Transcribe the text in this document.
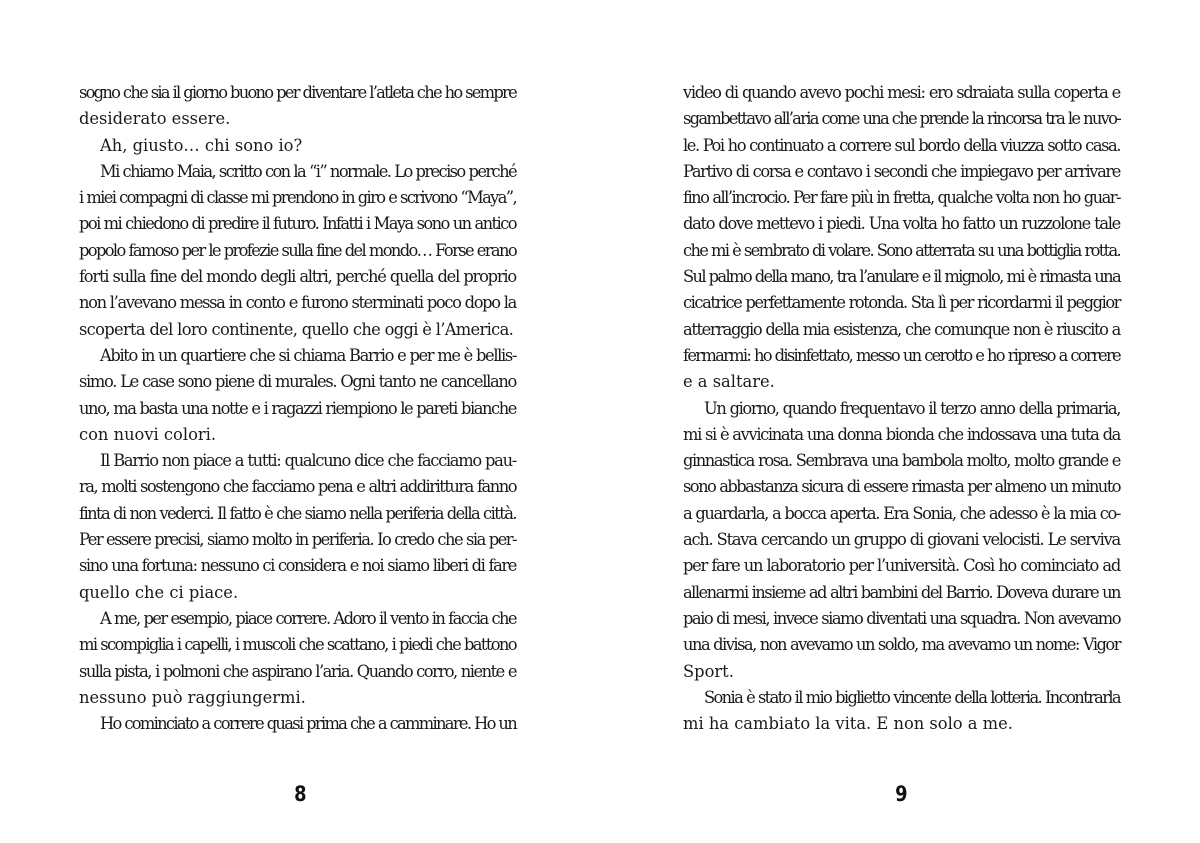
sogno che sia il giorno buono per diventare l’atleta che ho sempre
desiderato essere.
Ah, giusto… chi sono io?
Mi chiamo Maia, scritto con la “i” normale. Lo preciso perché
i miei compagni di classe mi prendono in giro e scrivono “Maya”,
poi mi chiedono di predire il futuro. Infatti i Maya sono un antico
popolo famoso per le profezie sulla fine del mondo… Forse erano
forti sulla fine del mondo degli altri, perché quella del proprio
non l’avevano messa in conto e furono sterminati poco dopo la
scoperta del loro continente, quello che oggi è l’America.
Abito in un quartiere che si chiama Barrio e per me è bellis-
simo. Le case sono piene di murales. Ogni tanto ne cancellano
uno, ma basta una notte e i ragazzi riempiono le pareti bianche
con nuovi colori.
Il Barrio non piace a tutti: qualcuno dice che facciamo pau-
ra, molti sostengono che facciamo pena e altri addirittura fanno
finta di non vederci. Il fatto è che siamo nella periferia della città.
Per essere precisi, siamo molto in periferia. Io credo che sia per-
sino una fortuna: nessuno ci considera e noi siamo liberi di fare
quello che ci piace.
A me, per esempio, piace correre. Adoro il vento in faccia che
mi scompiglia i capelli, i muscoli che scattano, i piedi che battono
sulla pista, i polmoni che aspirano l’aria. Quando corro, niente e
nessuno può raggiungermi.
Ho cominciato a correre quasi prima che a camminare. Ho un
8
video di quando avevo pochi mesi: ero sdraiata sulla coperta e
sgambettavo all’aria come una che prende la rincorsa tra le nuvo-
le. Poi ho continuato a correre sul bordo della viuzza sotto casa.
Partivo di corsa e contavo i secondi che impiegavo per arrivare
fino all’incrocio. Per fare più in fretta, qualche volta non ho guar-
dato dove mettevo i piedi. Una volta ho fatto un ruzzolone tale
che mi è sembrato di volare. Sono atterrata su una bottiglia rotta.
Sul palmo della mano, tra l’anulare e il mignolo, mi è rimasta una
cicatrice perfettamente rotonda. Sta lì per ricordarmi il peggior
atterraggio della mia esistenza, che comunque non è riuscito a
fermarmi: ho disinfettato, messo un cerotto e ho ripreso a correre
e a saltare.
Un giorno, quando frequentavo il terzo anno della primaria,
mi si è avvicinata una donna bionda che indossava una tuta da
ginnastica rosa. Sembrava una bambola molto, molto grande e
sono abbastanza sicura di essere rimasta per almeno un minuto
a guardarla, a bocca aperta. Era Sonia, che adesso è la mia co-
ach. Stava cercando un gruppo di giovani velocisti. Le serviva
per fare un laboratorio per l’università. Così ho cominciato ad
allenarmi insieme ad altri bambini del Barrio. Doveva durare un
paio di mesi, invece siamo diventati una squadra. Non avevamo
una divisa, non avevamo un soldo, ma avevamo un nome: Vigor
Sport.
Sonia è stato il mio biglietto vincente della lotteria. Incontrarla
mi ha cambiato la vita. E non solo a me.
9
